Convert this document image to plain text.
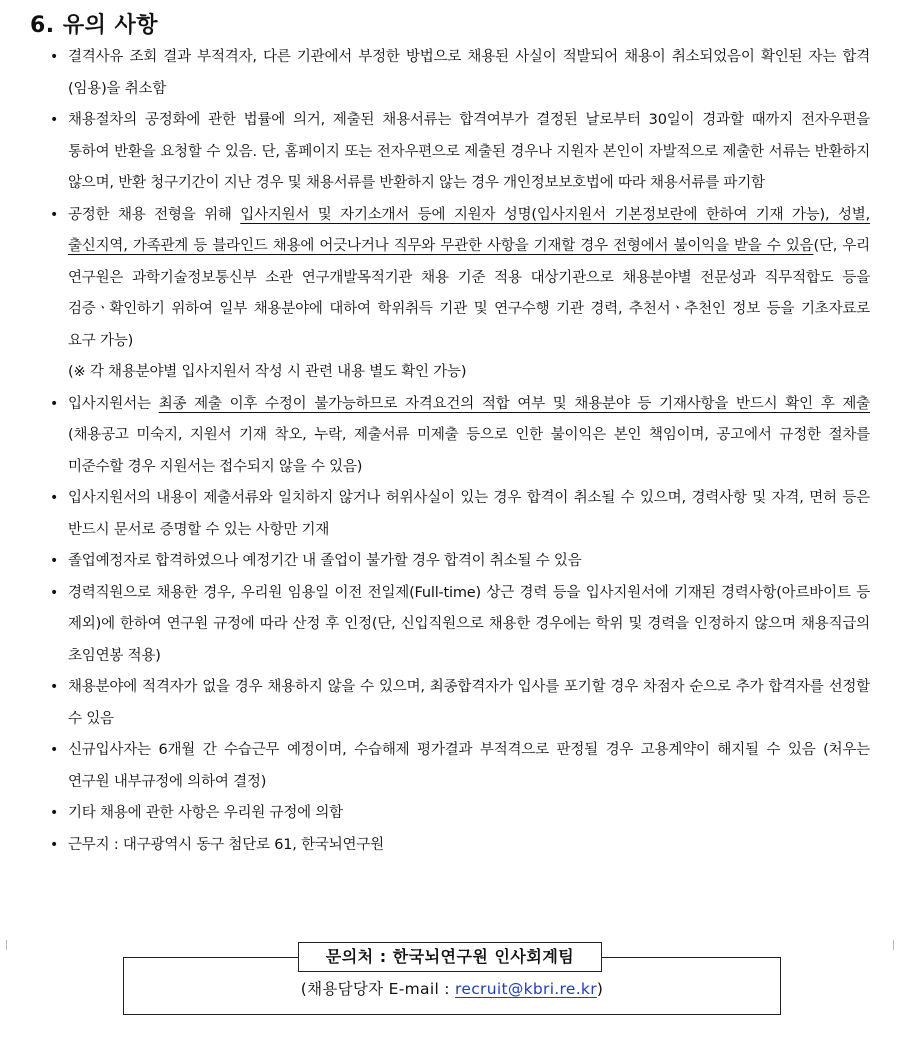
6. 유의 사항
• 결격사유 조회 결과 부적격자, 다른 기관에서 부정한 방법으로 채용된 사실이 적발되어 채용이 취소되었음이 확인된 자는 합격(임용)을 취소함
• 채용절차의 공정화에 관한 법률에 의거, 제출된 채용서류는 합격여부가 결정된 날로부터 30일이 경과할 때까지 전자우편을 통하여 반환을 요청할 수 있음. 단, 홈페이지 또는 전자우편으로 제출된 경우나 지원자 본인이 자발적으로 제출한 서류는 반환하지 않으며, 반환 청구기간이 지난 경우 및 채용서류를 반환하지 않는 경우 개인정보보호법에 따라 채용서류를 파기함
• 공정한 채용 전형을 위해 입사지원서 및 자기소개서 등에 지원자 성명(입사지원서 기본정보란에 한하여 기재 가능), 성별, 출신지역, 가족관계 등 블라인드 채용에 어긋나거나 직무와 무관한 사항을 기재할 경우 전형에서 불이익을 받을 수 있음(단, 우리 연구원은 과학기술정보통신부 소관 연구개발목적기관 채용 기준 적용 대상기관으로 채용분야별 전문성과 직무적합도 등을 검증ㆍ확인하기 위하여 일부 채용분야에 대하여 학위취득 기관 및 연구수행 기관 경력, 추천서ㆍ추천인 정보 등을 기초자료로 요구 가능)
(※ 각 채용분야별 입사지원서 작성 시 관련 내용 별도 확인 가능)
• 입사지원서는 최종 제출 이후 수정이 불가능하므로 자격요건의 적합 여부 및 채용분야 등 기재사항을 반드시 확인 후 제출(채용공고 미숙지, 지원서 기재 착오, 누락, 제출서류 미제출 등으로 인한 불이익은 본인 책임이며, 공고에서 규정한 절차를 미준수할 경우 지원서는 접수되지 않을 수 있음)
• 입사지원서의 내용이 제출서류와 일치하지 않거나 허위사실이 있는 경우 합격이 취소될 수 있으며, 경력사항 및 자격, 면허 등은 반드시 문서로 증명할 수 있는 사항만 기재
• 졸업예정자로 합격하였으나 예정기간 내 졸업이 불가할 경우 합격이 취소될 수 있음
• 경력직원으로 채용한 경우, 우리원 임용일 이전 전일제(Full-time) 상근 경력 등을 입사지원서에 기재된 경력사항(아르바이트 등 제외)에 한하여 연구원 규정에 따라 산정 후 인정(단, 신입직원으로 채용한 경우에는 학위 및 경력을 인정하지 않으며 채용직급의 초임연봉 적용)
• 채용분야에 적격자가 없을 경우 채용하지 않을 수 있으며, 최종합격자가 입사를 포기할 경우 차점자 순으로 추가 합격자를 선정할 수 있음
• 신규입사자는 6개월 간 수습근무 예정이며, 수습해제 평가결과 부적격으로 판정될 경우 고용계약이 해지될 수 있음 (처우는 연구원 내부규정에 의하여 결정)
• 기타 채용에 관한 사항은 우리원 규정에 의함
• 근무지 : 대구광역시 동구 첨단로 61, 한국뇌연구원
문의처 : 한국뇌연구원 인사회계팀
(채용담당자 E-mail : recruit@kbri.re.kr)
